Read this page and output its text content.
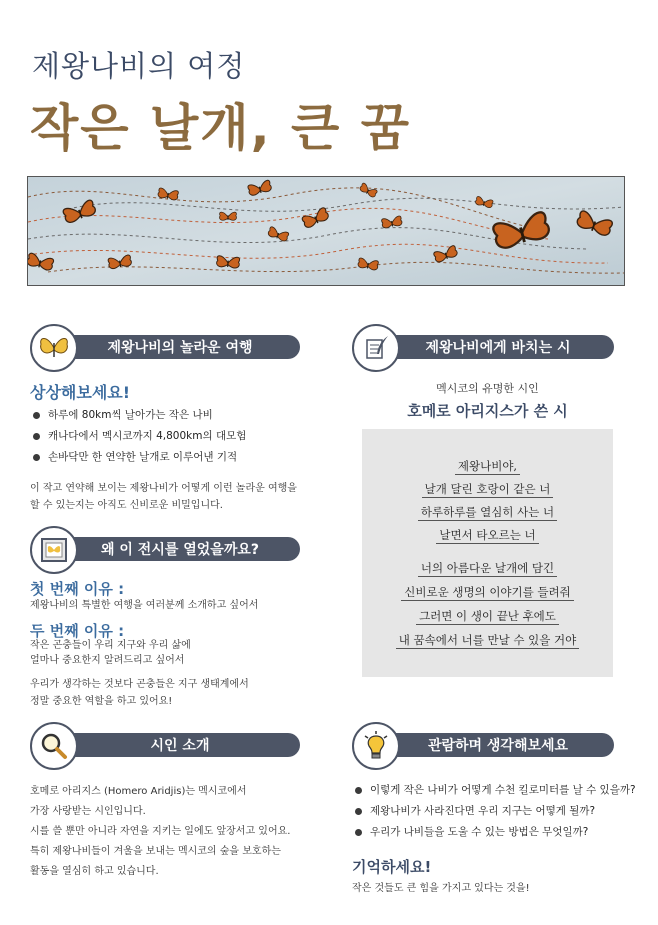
제왕나비의 여정
작은 날개, 큰 꿈
제왕나비의 놀라운 여행
상상해보세요!
하루에 80km씩 날아가는 작은 나비
캐나다에서 멕시코까지 4,800km의 대모험
손바닥만 한 연약한 날개로 이루어낸 기적
이 작고 연약해 보이는 제왕나비가 어떻게 이런 놀라운 여행을
할 수 있는지는 아직도 신비로운 비밀입니다.
왜 이 전시를 열었을까요?
첫 번째 이유 :
제왕나비의 특별한 여행을 여러분께 소개하고 싶어서
두 번째 이유 :
작은 곤충들이 우리 지구와 우리 삶에
얼마나 중요한지 알려드리고 싶어서
우리가 생각하는 것보다 곤충들은 지구 생태계에서
정말 중요한 역할을 하고 있어요!
시인 소개
호메로 아리지스 (Homero Aridjis)는 멕시코에서
가장 사랑받는 시인입니다.
시를 쓸 뿐만 아니라 자연을 지키는 일에도 앞장서고 있어요.
특히 제왕나비들이 겨울을 보내는 멕시코의 숲을 보호하는
활동을 열심히 하고 있습니다.
제왕나비에게 바치는 시
멕시코의 유명한 시인
호메로 아리지스가 쓴 시
제왕나비야,
날개 달린 호랑이 같은 너
하루하루를 열심히 사는 너
날면서 타오르는 너
너의 아름다운 날개에 담긴
신비로운 생명의 이야기를 들려줘
그러면 이 생이 끝난 후에도
내 꿈속에서 너를 만날 수 있을 거야
관람하며 생각해보세요
이렇게 작은 나비가 어떻게 수천 킬로미터를 날 수 있을까?
제왕나비가 사라진다면 우리 지구는 어떻게 될까?
우리가 나비들을 도울 수 있는 방법은 무엇일까?
기억하세요!
작은 것들도 큰 힘을 가지고 있다는 것을!
